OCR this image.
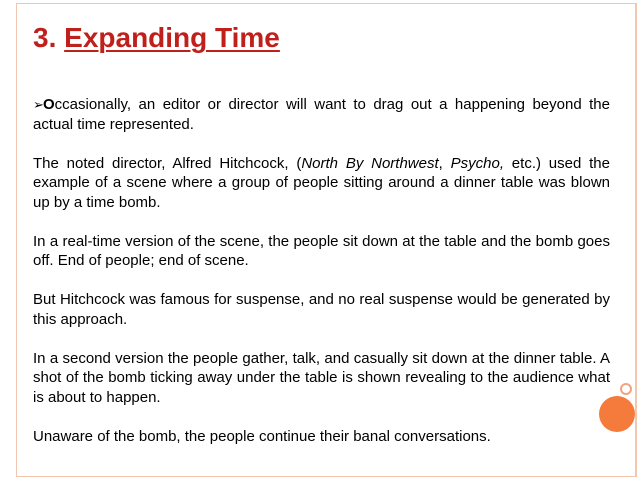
3. Expanding Time

➢Occasionally, an editor or director will want to drag out a happening beyond the actual time represented.

The noted director, Alfred Hitchcock, (North By Northwest, Psycho, etc.) used the example of a scene where a group of people sitting around a dinner table was blown up by a time bomb.

In a real-time version of the scene, the people sit down at the table and the bomb goes off. End of people; end of scene.

But Hitchcock was famous for suspense, and no real suspense would be generated by this approach.

In a second version the people gather, talk, and casually sit down at the dinner table. A shot of the bomb ticking away under the table is shown revealing to the audience what is about to happen.

Unaware of the bomb, the people continue their banal conversations.
